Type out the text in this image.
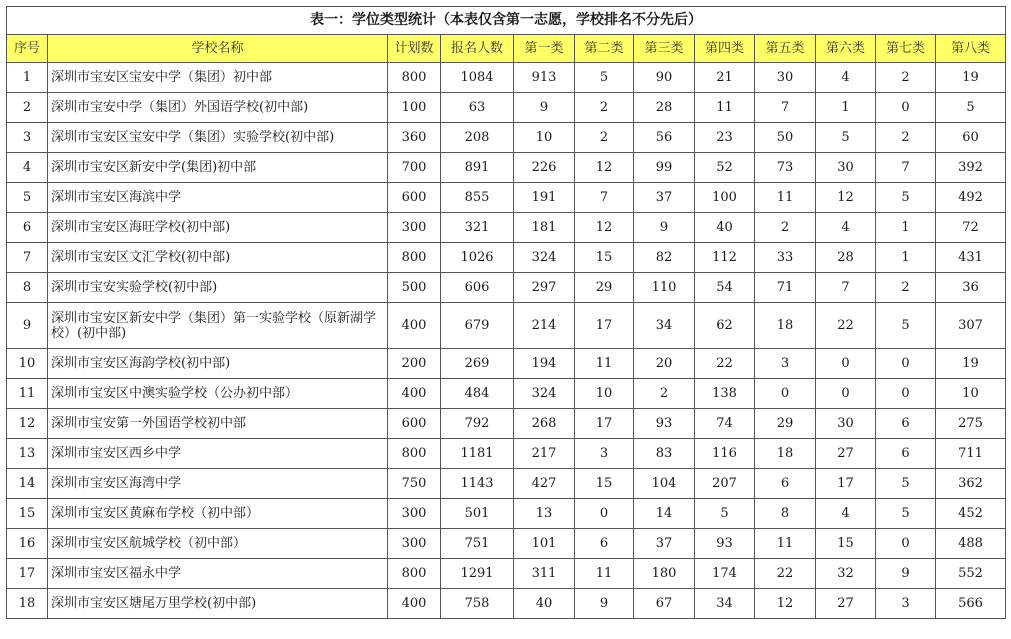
表一：学位类型统计（本表仅含第一志愿，学校排名不分先后）											
序号	学校名称	计划数	报名人数	第一类	第二类	第三类	第四类	第五类	第六类	第七类	第八类
1	深圳市宝安区宝安中学（集团）初中部	800	1084	913	5	90	21	30	4	2	19
2	深圳市宝安中学（集团）外国语学校(初中部)	100	63	9	2	28	11	7	1	0	5
3	深圳市宝安区宝安中学（集团）实验学校(初中部)	360	208	10	2	56	23	50	5	2	60
4	深圳市宝安区新安中学(集团)初中部	700	891	226	12	99	52	73	30	7	392
5	深圳市宝安区海滨中学	600	855	191	7	37	100	11	12	5	492
6	深圳市宝安区海旺学校(初中部)	300	321	181	12	9	40	2	4	1	72
7	深圳市宝安区文汇学校(初中部)	800	1026	324	15	82	112	33	28	1	431
8	深圳市宝安实验学校(初中部)	500	606	297	29	110	54	71	7	2	36
9	深圳市宝安区新安中学（集团）第一实验学校（原新湖学校）(初中部)	400	679	214	17	34	62	18	22	5	307
10	深圳市宝安区海韵学校(初中部)	200	269	194	11	20	22	3	0	0	19
11	深圳市宝安区中澳实验学校（公办初中部）	400	484	324	10	2	138	0	0	0	10
12	深圳市宝安第一外国语学校初中部	600	792	268	17	93	74	29	30	6	275
13	深圳市宝安区西乡中学	800	1181	217	3	83	116	18	27	6	711
14	深圳市宝安区海湾中学	750	1143	427	15	104	207	6	17	5	362
15	深圳市宝安区黄麻布学校（初中部）	300	501	13	0	14	5	8	4	5	452
16	深圳市宝安区航城学校（初中部）	300	751	101	6	37	93	11	15	0	488
17	深圳市宝安区福永中学	800	1291	311	11	180	174	22	32	9	552
18	深圳市宝安区塘尾万里学校(初中部)	400	758	40	9	67	34	12	27	3	566
